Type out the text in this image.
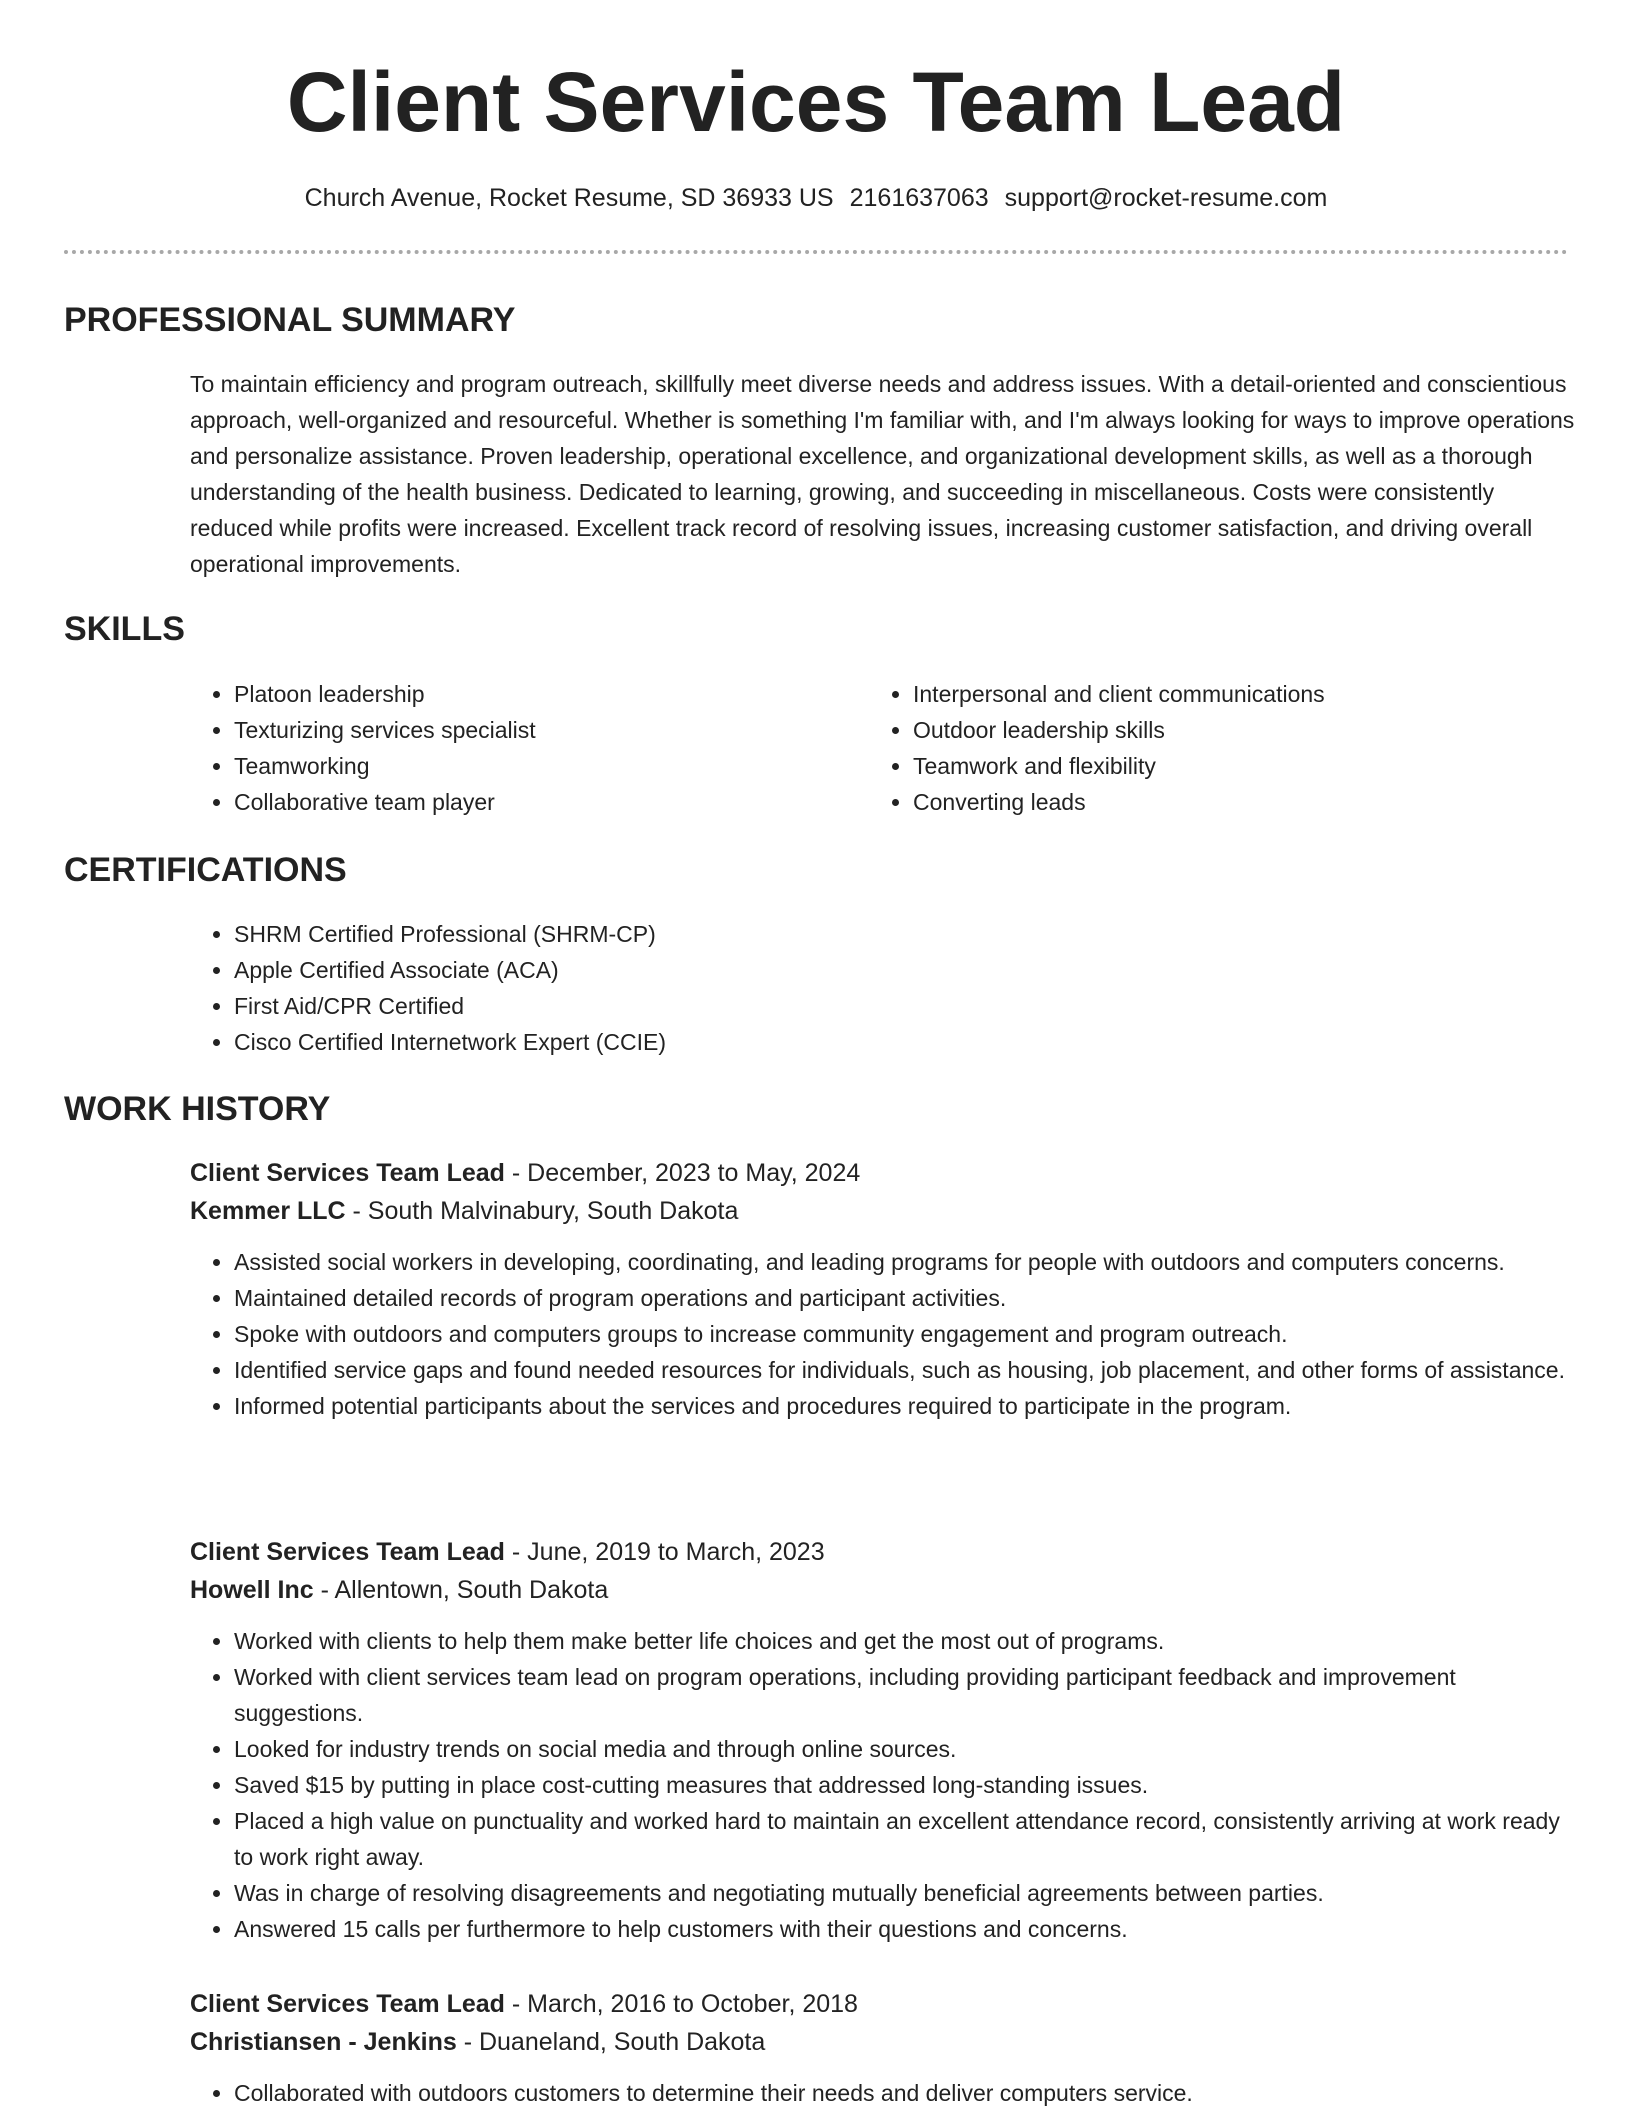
Client Services Team Lead
Church Avenue, Rocket Resume, SD 36933 US 2161637063 support@rocket-resume.com
PROFESSIONAL SUMMARY

To maintain efficiency and program outreach, skillfully meet diverse needs and address issues. With a detail-oriented and conscientious approach, well-organized and resourceful. Whether is something I'm familiar with, and I'm always looking for ways to improve operations and personalize assistance. Proven leadership, operational excellence, and organizational development skills, as well as a thorough understanding of the health business. Dedicated to learning, growing, and succeeding in miscellaneous. Costs were consistently reduced while profits were increased. Excellent track record of resolving issues, increasing customer satisfaction, and driving overall operational improvements.

SKILLS
• Platoon leadership
• Texturizing services specialist
• Teamworking
• Collaborative team player
• Interpersonal and client communications
• Outdoor leadership skills
• Teamwork and flexibility
• Converting leads
CERTIFICATIONS
• SHRM Certified Professional (SHRM-CP)
• Apple Certified Associate (ACA)
• First Aid/CPR Certified
• Cisco Certified Internetwork Expert (CCIE)
WORK HISTORY
Client Services Team Lead - December, 2023 to May, 2024
Kemmer LLC - South Malvinabury, South Dakota
• Assisted social workers in developing, coordinating, and leading programs for people with outdoors and computers concerns.
• Maintained detailed records of program operations and participant activities.
• Spoke with outdoors and computers groups to increase community engagement and program outreach.
• Identified service gaps and found needed resources for individuals, such as housing, job placement, and other forms of assistance.
• Informed potential participants about the services and procedures required to participate in the program.
Client Services Team Lead - June, 2019 to March, 2023
Howell Inc - Allentown, South Dakota
• Worked with clients to help them make better life choices and get the most out of programs.
• Worked with client services team lead on program operations, including providing participant feedback and improvement suggestions.
• Looked for industry trends on social media and through online sources.
• Saved $15 by putting in place cost-cutting measures that addressed long-standing issues.
• Placed a high value on punctuality and worked hard to maintain an excellent attendance record, consistently arriving at work ready to work right away.
• Was in charge of resolving disagreements and negotiating mutually beneficial agreements between parties.
• Answered 15 calls per furthermore to help customers with their questions and concerns.
Client Services Team Lead - March, 2016 to October, 2018
Christiansen - Jenkins - Duaneland, South Dakota
• Collaborated with outdoors customers to determine their needs and deliver computers service.
